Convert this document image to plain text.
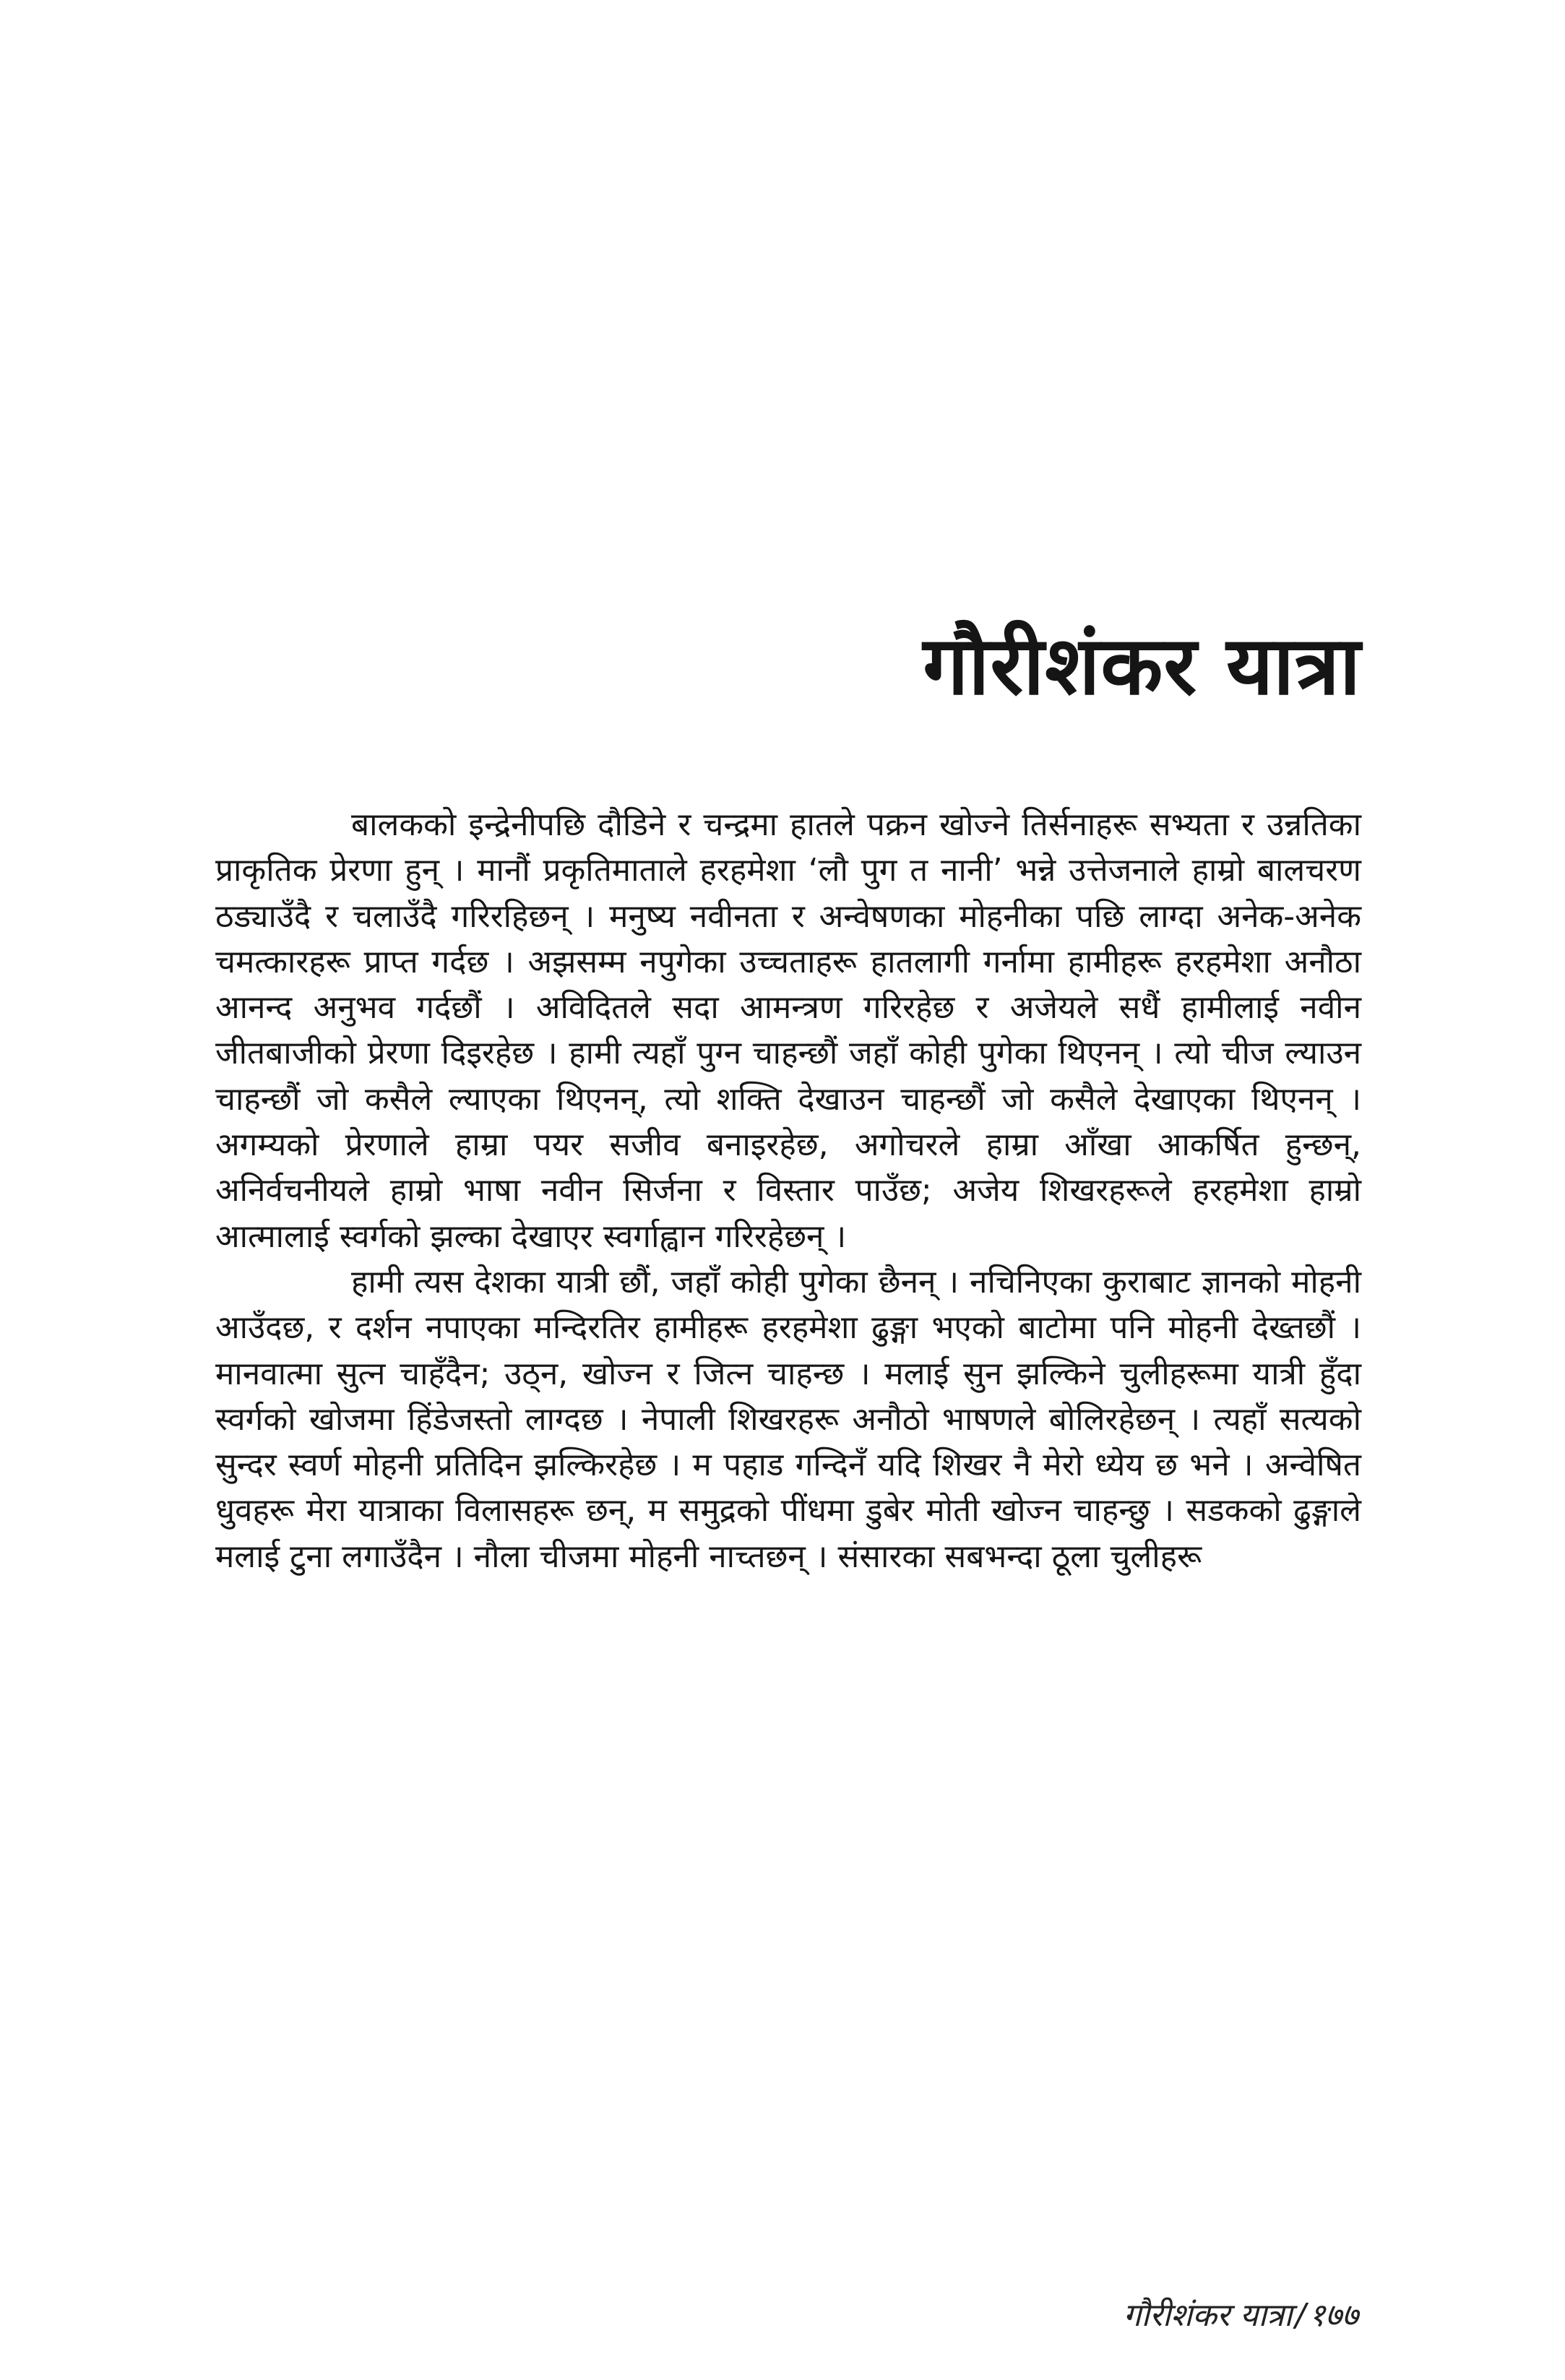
गौरीशंकर यात्रा

बालकको इन्द्रेनीपछि दौडिने र चन्द्रमा हातले पक्रन खोज्ने तिर्सनाहरू सभ्यता र उन्नतिका प्राकृतिक प्रेरणा हुन् । मानौं प्रकृतिमाताले हरहमेशा ‘लौ पुग त नानी’ भन्ने उत्तेजनाले हाम्रो बालचरण ठड्याउँदै र चलाउँदै गरिरहिछन् । मनुष्य नवीनता र अन्वेषणका मोहनीका पछि लाग्दा अनेक-अनेक चमत्कारहरू प्राप्त गर्दछ । अझसम्म नपुगेका उच्चताहरू हातलागी गर्नामा हामीहरू हरहमेशा अनौठा आनन्द अनुभव गर्दछौं । अविदितले सदा आमन्त्रण गरिरहेछ र अजेयले सधैं हामीलाई नवीन जीतबाजीको प्रेरणा दिइरहेछ । हामी त्यहाँ पुग्न चाहन्छौं जहाँ कोही पुगेका थिएनन् । त्यो चीज ल्याउन चाहन्छौं जो कसैले ल्याएका थिएनन्, त्यो शक्ति देखाउन चाहन्छौं जो कसैले देखाएका थिएनन् । अगम्यको प्रेरणाले हाम्रा पयर सजीव बनाइरहेछ, अगोचरले हाम्रा आँखा आकर्षित हुन्छन्, अनिर्वचनीयले हाम्रो भाषा नवीन सिर्जना र विस्तार पाउँछ; अजेय शिखरहरूले हरहमेशा हाम्रो आत्मालाई स्वर्गको झल्का देखाएर स्वर्गाह्वान गरिरहेछन् ।

हामी त्यस देशका यात्री छौं, जहाँ कोही पुगेका छैनन् । नचिनिएका कुराबाट ज्ञानको मोहनी आउँदछ, र दर्शन नपाएका मन्दिरतिर हामीहरू हरहमेशा ढुङ्गा भएको बाटोमा पनि मोहनी देख्तछौं । मानवात्मा सुत्न चाहँदैन; उठ्न, खोज्न र जित्न चाहन्छ । मलाई सुन झल्किने चुलीहरूमा यात्री हुँदा स्वर्गको खोजमा हिंडेजस्तो लाग्दछ । नेपाली शिखरहरू अनौठो भाषणले बोलिरहेछन् । त्यहाँ सत्यको सुन्दर स्वर्ण मोहनी प्रतिदिन झल्किरहेछ । म पहाड गन्दिनँ यदि शिखर नै मेरो ध्येय छ भने । अन्वेषित धुवहरू मेरा यात्राका विलासहरू छन्, म समुद्रको पींधमा डुबेर मोती खोज्न चाहन्छु । सडकको ढुङ्गाले मलाई टुना लगाउँदैन । नौला चीजमा मोहनी नाच्तछन् । संसारका सबभन्दा ठूला चुलीहरू

गौरीशंकर यात्रा/१७७
